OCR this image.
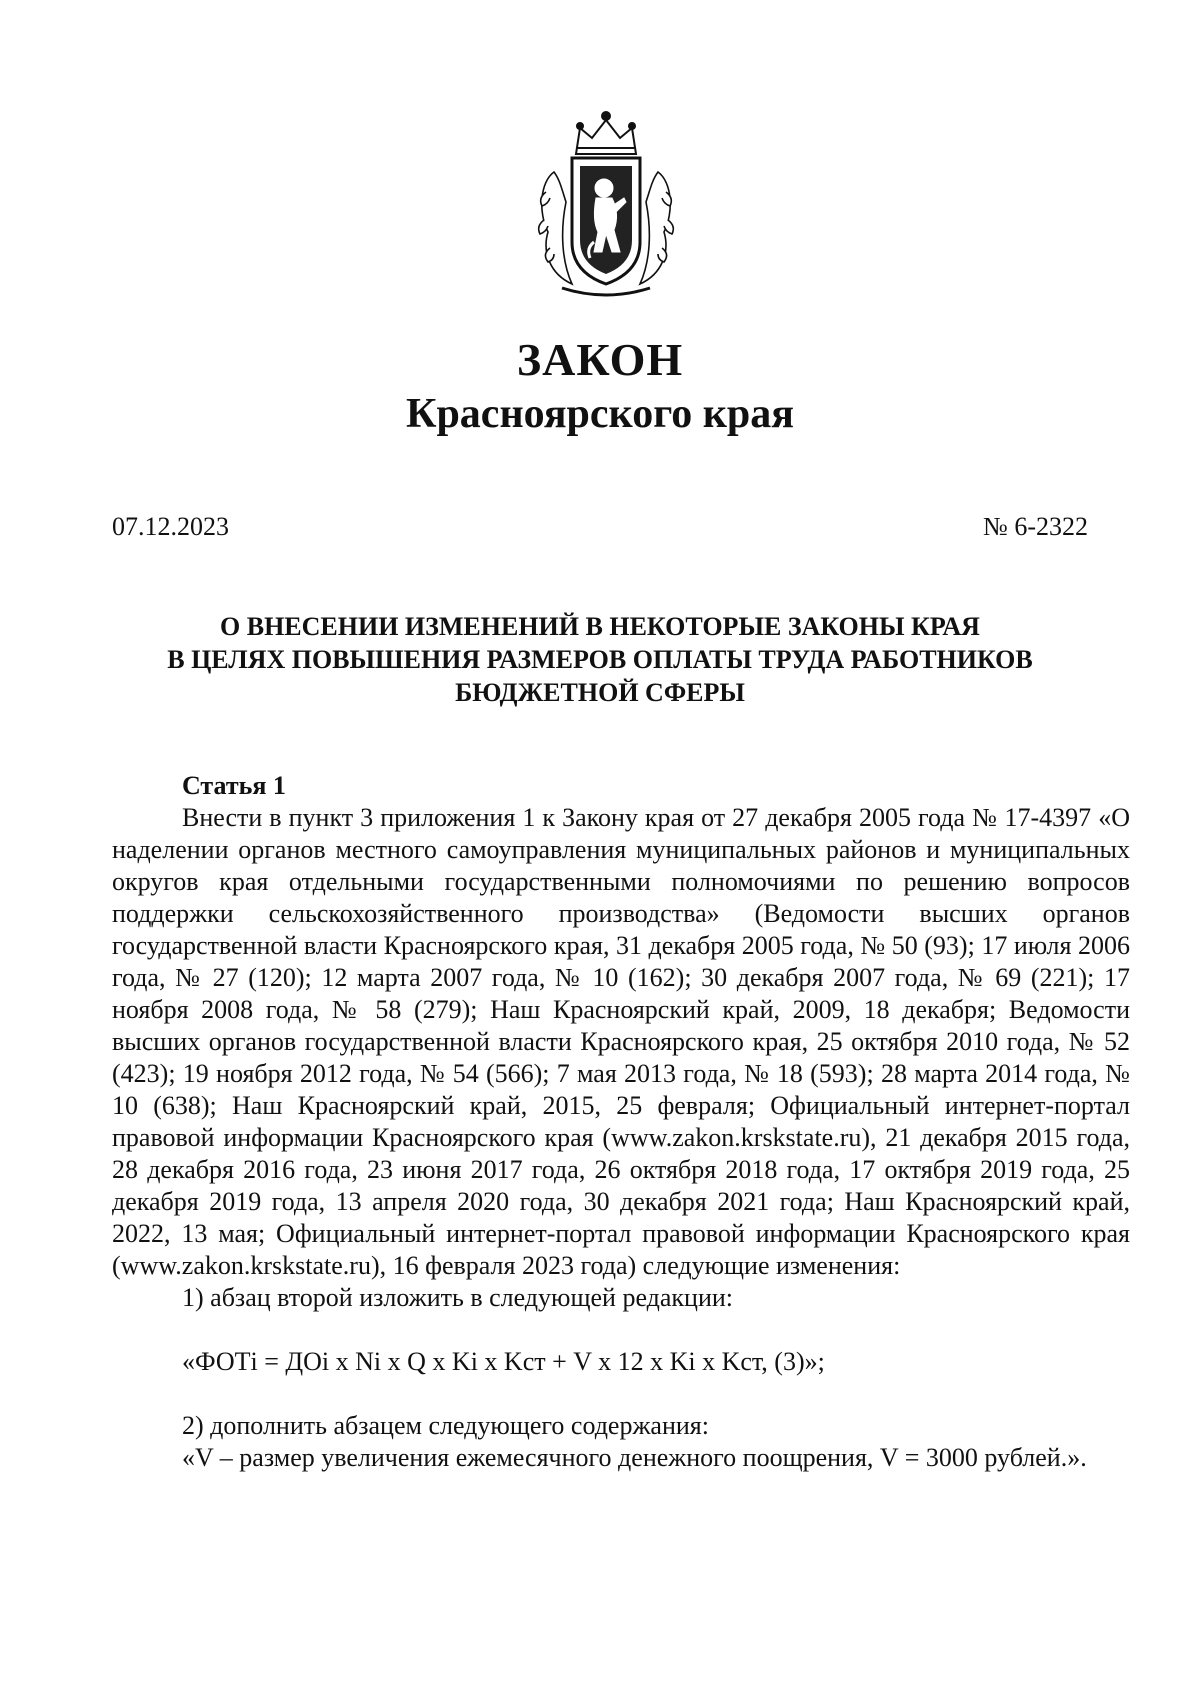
ЗАКОН
Красноярского края
07.12.2023	№ 6-2322
О ВНЕСЕНИИ ИЗМЕНЕНИЙ В НЕКОТОРЫЕ ЗАКОНЫ КРАЯ
В ЦЕЛЯХ ПОВЫШЕНИЯ РАЗМЕРОВ ОПЛАТЫ ТРУДА РАБОТНИКОВ
БЮДЖЕТНОЙ СФЕРЫ
Статья 1

Внести в пункт 3 приложения 1 к Закону края от 27 декабря 2005 года № 17-4397 «О наделении органов местного самоуправления муниципальных районов и муниципальных округов края отдельными государственными полномочиями по решению вопросов поддержки сельскохозяйственного производства» (Ведомости высших органов государственной власти Красноярского края, 31 декабря 2005 года, № 50 (93); 17 июля 2006 года, № 27 (120); 12 марта 2007 года, № 10 (162); 30 декабря 2007 года, № 69 (221); 17 ноября 2008 года, № 58 (279); Наш Красноярский край, 2009, 18 декабря; Ведомости высших органов государственной власти Красноярского края, 25 октября 2010 года, № 52 (423); 19 ноября 2012 года, № 54 (566); 7 мая 2013 года, № 18 (593); 28 марта 2014 года, № 10 (638); Наш Красноярский край, 2015, 25 февраля; Официальный интернет-портал правовой информации Красноярского края (www.zakon.krskstate.ru), 21 декабря 2015 года, 28 декабря 2016 года, 23 июня 2017 года, 26 октября 2018 года, 17 октября 2019 года, 25 декабря 2019 года, 13 апреля 2020 года, 30 декабря 2021 года; Наш Красноярский край, 2022, 13 мая; Официальный интернет-портал правовой информации Красноярского края (www.zakon.krskstate.ru), 16 февраля 2023 года) следующие изменения:

1) абзац второй изложить в следующей редакции:

«ФОТi = ДОi x Ni x Q x Ki x Kст + V x 12 x Ki x Kст, (3)»;

2) дополнить абзацем следующего содержания:

«V – размер увеличения ежемесячного денежного поощрения, V = 3000 рублей.».
